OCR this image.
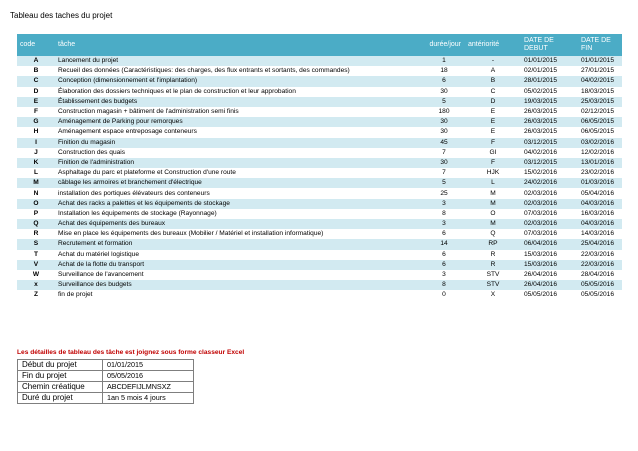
Tableau des taches du projet
code	tâche	durée/jour	antériorité	DATE DE DEBUT	DATE DE FIN
A	Lancement du projet	1	-	01/01/2015	01/01/2015
B	Recueil des données (Caractéristiques: des charges, des flux entrants et sortants, des commandes)	18	A	02/01/2015	27/01/2015
C	Conception (dimensionnement et l'implantation)	6	B	28/01/2015	04/02/2015
D	Élaboration des dossiers techniques et le plan de construction et leur approbation	30	C	05/02/2015	18/03/2015
E	Établissement des budgets	5	D	19/03/2015	25/03/2015
F	Construction magasin + bâtiment de l'administration semi finis	180	E	26/03/2015	02/12/2015
G	Aménagement de Parking pour remorques	30	E	26/03/2015	06/05/2015
H	Aménagement espace entreposage conteneurs	30	E	26/03/2015	06/05/2015
I	Finition du magasin	45	F	03/12/2015	03/02/2016
J	Construction des quais	7	GI	04/02/2016	12/02/2016
K	Finition de l'administration	30	F	03/12/2015	13/01/2016
L	Asphaltage du parc et plateforme et Construction d'une route	7	HJK	15/02/2016	23/02/2016
M	câblage les armoires et branchement d'électrique	5	L	24/02/2016	01/03/2016
N	installation des portiques élévateurs des conteneurs	25	M	02/03/2016	05/04/2016
O	Achat des racks a palettes et les équipements de stockage	3	M	02/03/2016	04/03/2016
P	Installation les équipements de stockage (Rayonnage)	8	O	07/03/2016	16/03/2016
Q	Achat des équipements des bureaux	3	M	02/03/2016	04/03/2016
R	Mise en place les équipements des bureaux (Mobilier / Matériel et installation informatique)	6	Q	07/03/2016	14/03/2016
S	Recrutement et formation	14	RP	06/04/2016	25/04/2016
T	Achat du matériel logistique	6	R	15/03/2016	22/03/2016
V	Achat de la flotte du transport	6	R	15/03/2016	22/03/2016
W	Surveillance de l'avancement	3	STV	26/04/2016	28/04/2016
x	Surveillance des budgets	8	STV	26/04/2016	05/05/2016
Z	fin de projet	0	X	05/05/2016	05/05/2016
Les détailles de tableau des tâche est joignez sous forme classeur Excel
Début du projet	01/01/2015
Fin du projet	05/05/2016
Chemin créatique	ABCDEFIJLMNSXZ
Duré du projet	1an 5 mois 4 jours
